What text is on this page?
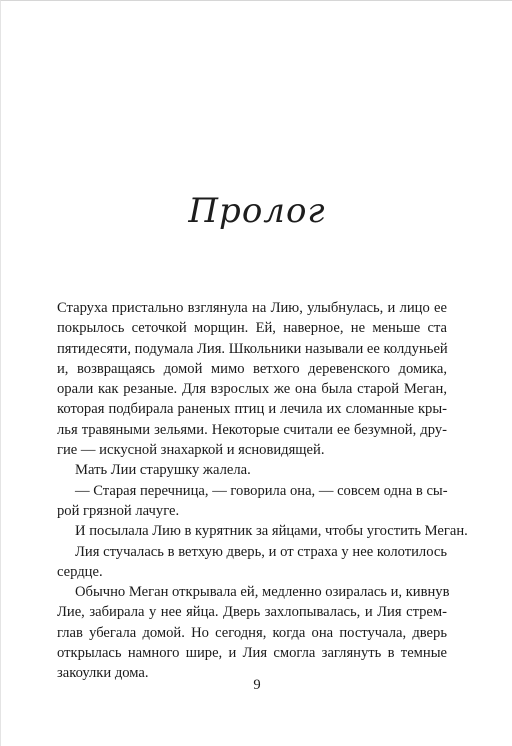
Пролог
Старуха пристально взглянула на Лию, улыбнулась, и лицо ее
покрылось сеточкой морщин. Ей, наверное, не меньше ста
пятидесяти, подумала Лия. Школьники называли ее колдуньей
и, возвращаясь домой мимо ветхого деревенского домика,
орали как резаные. Для взрослых же она была старой Меган,
которая подбирала раненых птиц и лечила их сломанные кры-
лья травяными зельями. Некоторые считали ее безумной, дру-
гие — искусной знахаркой и ясновидящей.
Мать Лии старушку жалела.
— Старая перечница, — говорила она, — совсем одна в сы-
рой грязной лачуге.
И посылала Лию в курятник за яйцами, чтобы угостить Меган.
Лия стучалась в ветхую дверь, и от страха у нее колотилось
сердце.
Обычно Меган открывала ей, медленно озиралась и, кивнув
Лие, забирала у нее яйца. Дверь захлопывалась, и Лия стрем-
глав убегала домой. Но сегодня, когда она постучала, дверь
открылась намного шире, и Лия смогла заглянуть в темные
закоулки дома.
9
